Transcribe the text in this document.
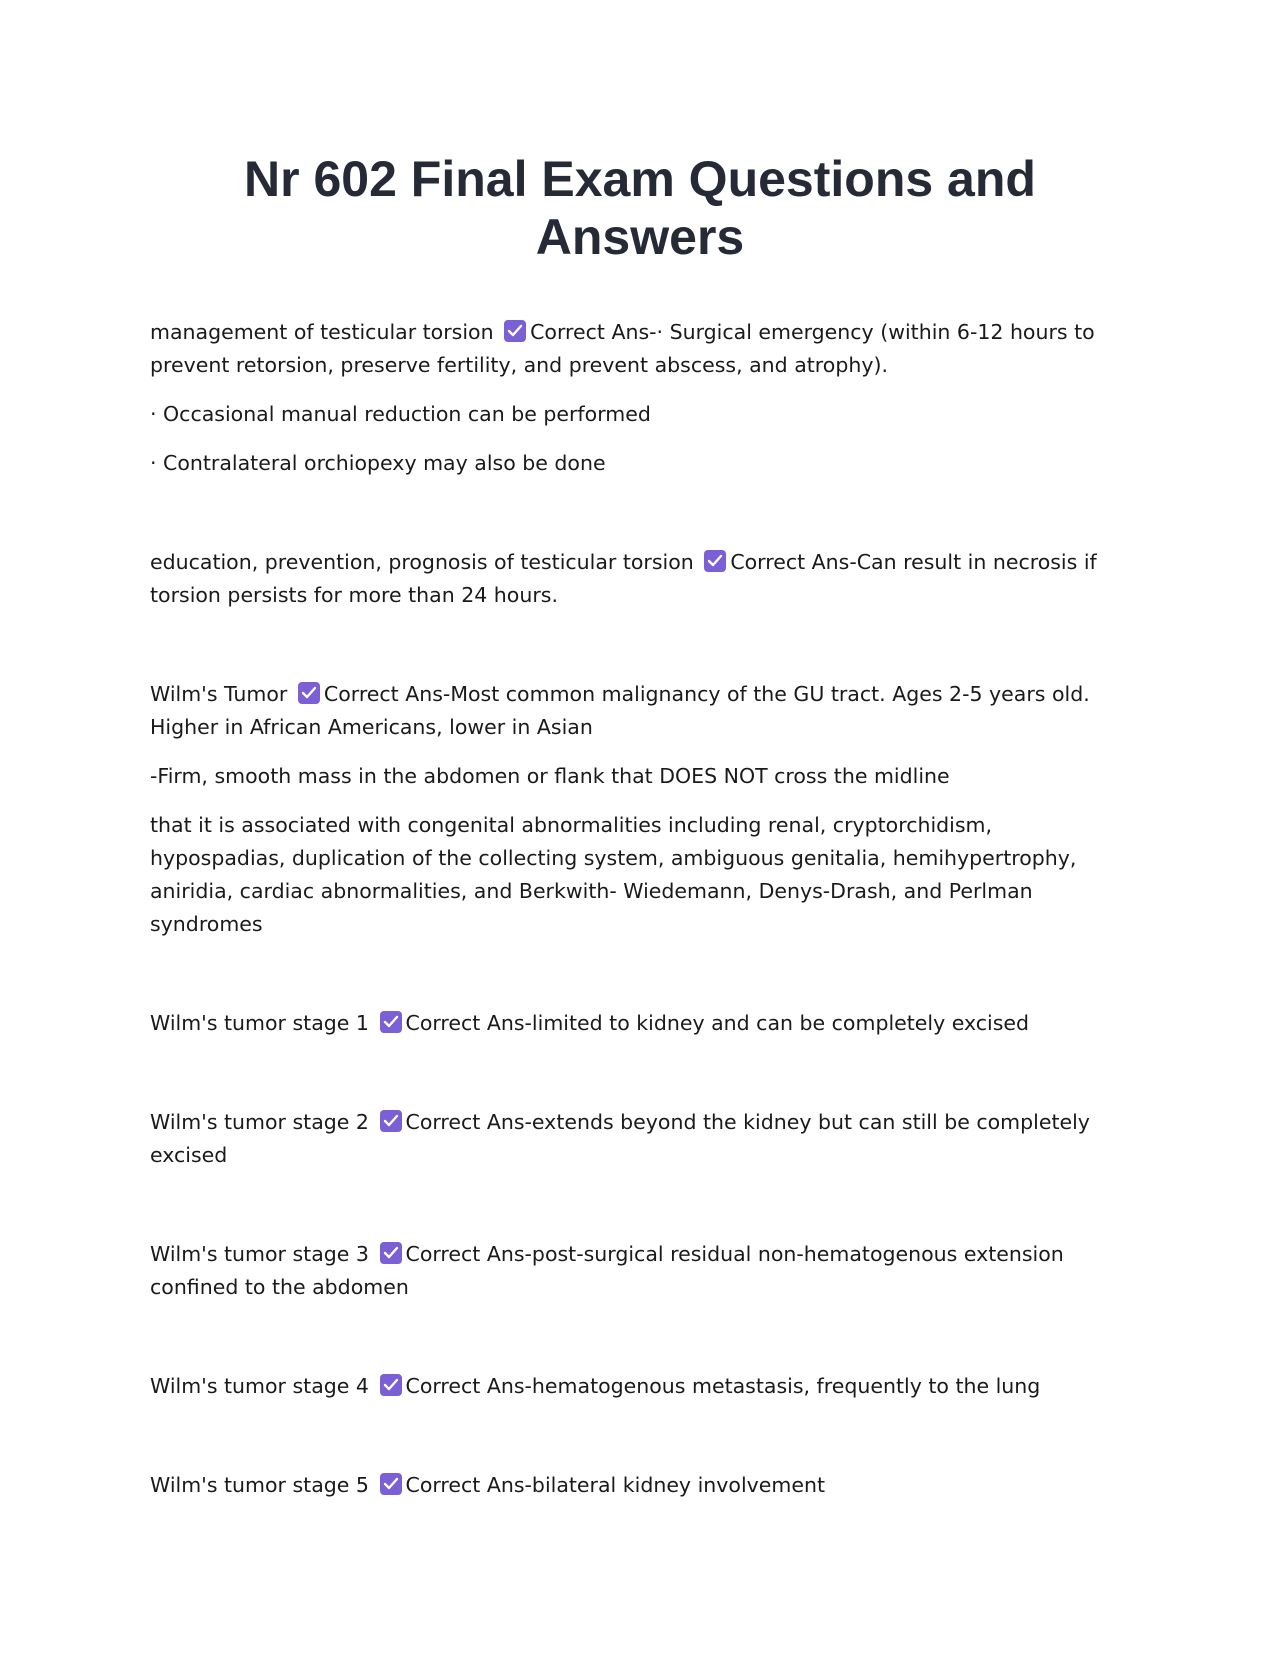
Nr 602 Final Exam Questions and Answers

management of testicular torsion Correct Ans-· Surgical emergency (within 6-12 hours to prevent retorsion, preserve fertility, and prevent abscess, and atrophy).

· Occasional manual reduction can be performed

· Contralateral orchiopexy may also be done

education, prevention, prognosis of testicular torsion Correct Ans-Can result in necrosis if torsion persists for more than 24 hours.

Wilm's Tumor Correct Ans-Most common malignancy of the GU tract. Ages 2-5 years old. Higher in African Americans, lower in Asian

-Firm, smooth mass in the abdomen or flank that DOES NOT cross the midline

that it is associated with congenital abnormalities including renal, cryptorchidism, hypospadias, duplication of the collecting system, ambiguous genitalia, hemihypertrophy, aniridia, cardiac abnormalities, and Berkwith- Wiedemann, Denys-Drash, and Perlman syndromes

Wilm's tumor stage 1 Correct Ans-limited to kidney and can be completely excised

Wilm's tumor stage 2 Correct Ans-extends beyond the kidney but can still be completely excised

Wilm's tumor stage 3 Correct Ans-post-surgical residual non-hematogenous extension confined to the abdomen

Wilm's tumor stage 4 Correct Ans-hematogenous metastasis, frequently to the lung

Wilm's tumor stage 5 Correct Ans-bilateral kidney involvement
